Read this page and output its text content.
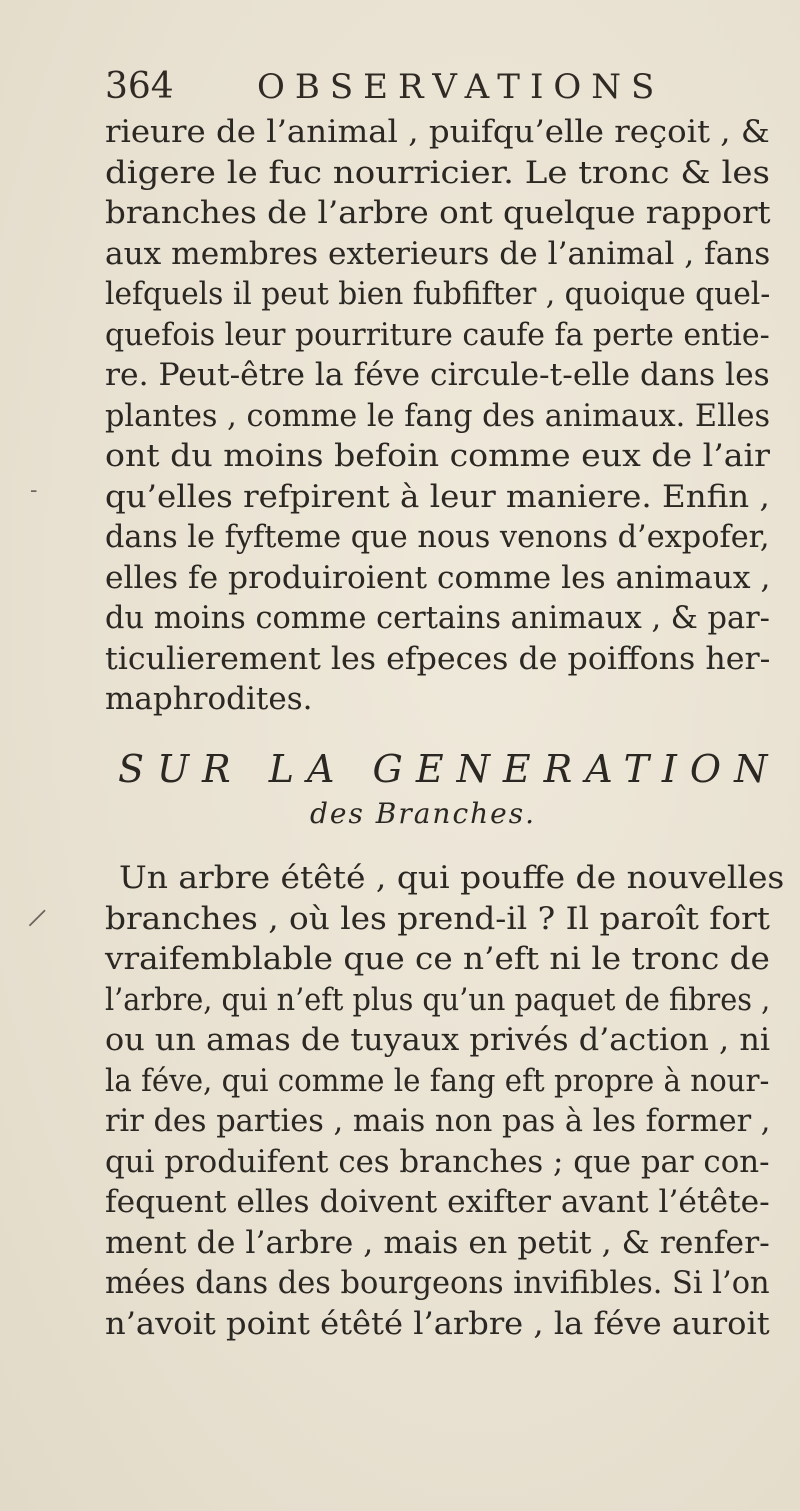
364 OBSERVATIONS
rieure de l’animal , puifqu’elle reçoit , &
digere le fuc nourricier. Le tronc & les
branches de l’arbre ont quelque rapport
aux membres exterieurs de l’animal , fans
lefquels il peut bien fubfifter , quoique quel-
quefois leur pourriture caufe fa perte entie-
re. Peut-être la féve circule-t-elle dans les
plantes , comme le fang des animaux. Elles
ont du moins befoin comme eux de l’air
qu’elles refpirent à leur maniere. Enfin ,
dans le fyfteme que nous venons d’expofer,
elles fe produiroient comme les animaux ,
du moins comme certains animaux , & par-
ticulierement les efpeces de poiffons her-
maphrodites.
SUR LA GENERATION
des Branches.
Un arbre étêté , qui pouffe de nouvelles
branches , où les prend-il ? Il paroît fort
vraifemblable que ce n’eft ni le tronc de
l’arbre, qui n’eft plus qu’un paquet de fibres ,
ou un amas de tuyaux privés d’action , ni
la féve, qui comme le fang eft propre à nour-
rir des parties , mais non pas à les former ,
qui produifent ces branches ; que par con-
fequent elles doivent exifter avant l’étête-
ment de l’arbre , mais en petit , & renfer-
mées dans des bourgeons invifibles. Si l’on
n’avoit point étêté l’arbre , la féve auroit
‐
|
